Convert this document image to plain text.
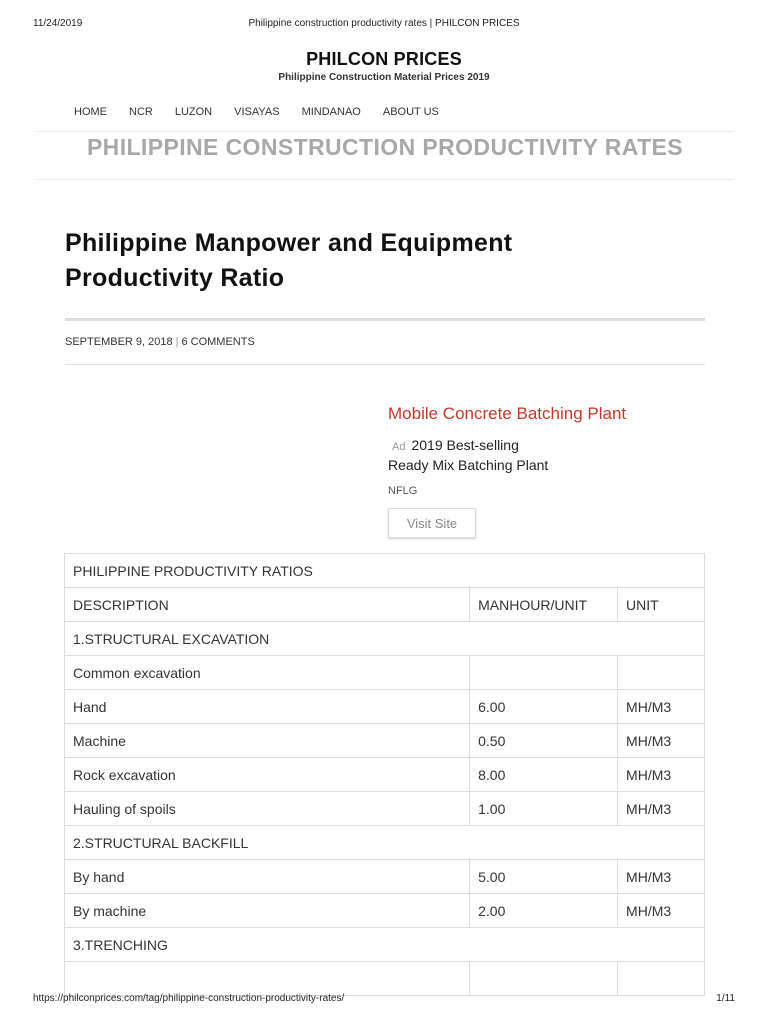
11/24/2019	Philippine construction productivity rates | PHILCON PRICES
PHILCON PRICES
Philippine Construction Material Prices 2019
HOME NCR LUZON VISAYAS MINDANAO ABOUT US
PHILIPPINE CONSTRUCTION PRODUCTIVITY RATES
Philippine Manpower and Equipment Productivity Ratio
SEPTEMBER 9, 2018 | 6 COMMENTS
Mobile Concrete Batching Plant
Ad 2019 Best-selling
Ready Mix Batching Plant
NFLG
Visit Site
PHILIPPINE PRODUCTIVITY RATIOS		
DESCRIPTION	MANHOUR/UNIT	UNIT
1.STRUCTURAL EXCAVATION		
Common excavation		
Hand	6.00	MH/M3
Machine	0.50	MH/M3
Rock excavation	8.00	MH/M3
Hauling of spoils	1.00	MH/M3
2.STRUCTURAL BACKFILL		
By hand	5.00	MH/M3
By machine	2.00	MH/M3
3.TRENCHING		

https://philconprices.com/tag/philippine-construction-productivity-rates/	1/11
